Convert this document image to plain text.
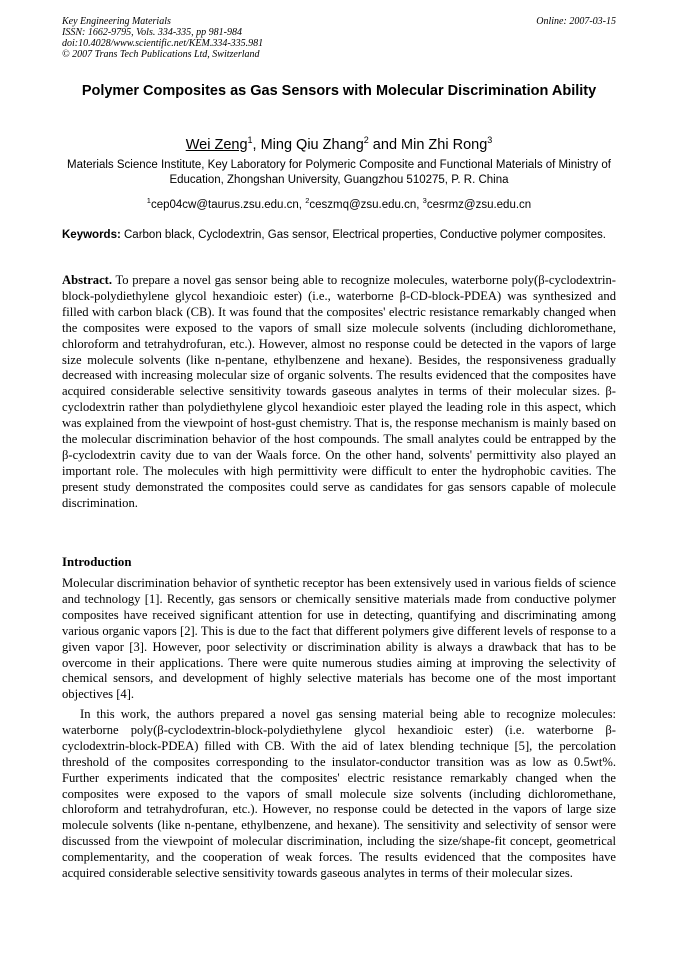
Key Engineering Materials
ISSN: 1662-9795, Vols. 334-335, pp 981-984
doi:10.4028/www.scientific.net/KEM.334-335.981
© 2007 Trans Tech Publications Ltd, Switzerland
Online: 2007-03-15
Polymer Composites as Gas Sensors with Molecular Discrimination Ability
Wei Zeng$^1$, Ming Qiu Zhang$^2$ and Min Zhi Rong$^3$
Materials Science Institute, Key Laboratory for Polymeric Composite and Functional Materials of Ministry of Education, Zhongshan University, Guangzhou 510275, P. R. China
$^1$cep04cw@taurus.zsu.edu.cn, $^2$ceszmq@zsu.edu.cn, $^3$cesrmz@zsu.edu.cn
Keywords: Carbon black, Cyclodextrin, Gas sensor, Electrical properties, Conductive polymer composites.

Abstract. To prepare a novel gas sensor being able to recognize molecules, waterborne poly(β-cyclodextrin-block-polydiethylene glycol hexandioic ester) (i.e., waterborne β-CD-block-PDEA) was synthesized and filled with carbon black (CB). It was found that the composites' electric resistance remarkably changed when the composites were exposed to the vapors of small size molecule solvents (including dichloromethane, chloroform and tetrahydrofuran, etc.). However, almost no response could be detected in the vapors of large size molecule solvents (like n-pentane, ethylbenzene and hexane). Besides, the responsiveness gradually decreased with increasing molecular size of organic solvents. The results evidenced that the composites have acquired considerable selective sensitivity towards gaseous analytes in terms of their molecular sizes. β-cyclodextrin rather than polydiethylene glycol hexandioic ester played the leading role in this aspect, which was explained from the viewpoint of host-gust chemistry. That is, the response mechanism is mainly based on the molecular discrimination behavior of the host compounds. The small analytes could be entrapped by the β-cyclodextrin cavity due to van der Waals force. On the other hand, solvents' permittivity also played an important role. The molecules with high permittivity were difficult to enter the hydrophobic cavities. The present study demonstrated the composites could serve as candidates for gas sensors capable of molecule discrimination.

Introduction

Molecular discrimination behavior of synthetic receptor has been extensively used in various fields of science and technology [1]. Recently, gas sensors or chemically sensitive materials made from conductive polymer composites have received significant attention for use in detecting, quantifying and discriminating among various organic vapors [2]. This is due to the fact that different polymers give different levels of response to a given vapor [3]. However, poor selectivity or discrimination ability is always a drawback that has to be overcome in their applications. There were quite numerous studies aiming at improving the selectivity of chemical sensors, and development of highly selective materials has become one of the most important objectives [4].

In this work, the authors prepared a novel gas sensing material being able to recognize molecules: waterborne poly(β-cyclodextrin-block-polydiethylene glycol hexandioic ester) (i.e. waterborne β-cyclodextrin-block-PDEA) filled with CB. With the aid of latex blending technique [5], the percolation threshold of the composites corresponding to the insulator-conductor transition was as low as 0.5wt%. Further experiments indicated that the composites' electric resistance remarkably changed when the composites were exposed to the vapors of small molecule size solvents (including dichloromethane, chloroform and tetrahydrofuran, etc.). However, no response could be detected in the vapors of large size molecule solvents (like n-pentane, ethylbenzene, and hexane). The sensitivity and selectivity of sensor were discussed from the viewpoint of molecular discrimination, including the size/shape-fit concept, geometrical complementarity, and the cooperation of weak forces. The results evidenced that the composites have acquired considerable selective sensitivity towards gaseous analytes in terms of their molecular sizes.
